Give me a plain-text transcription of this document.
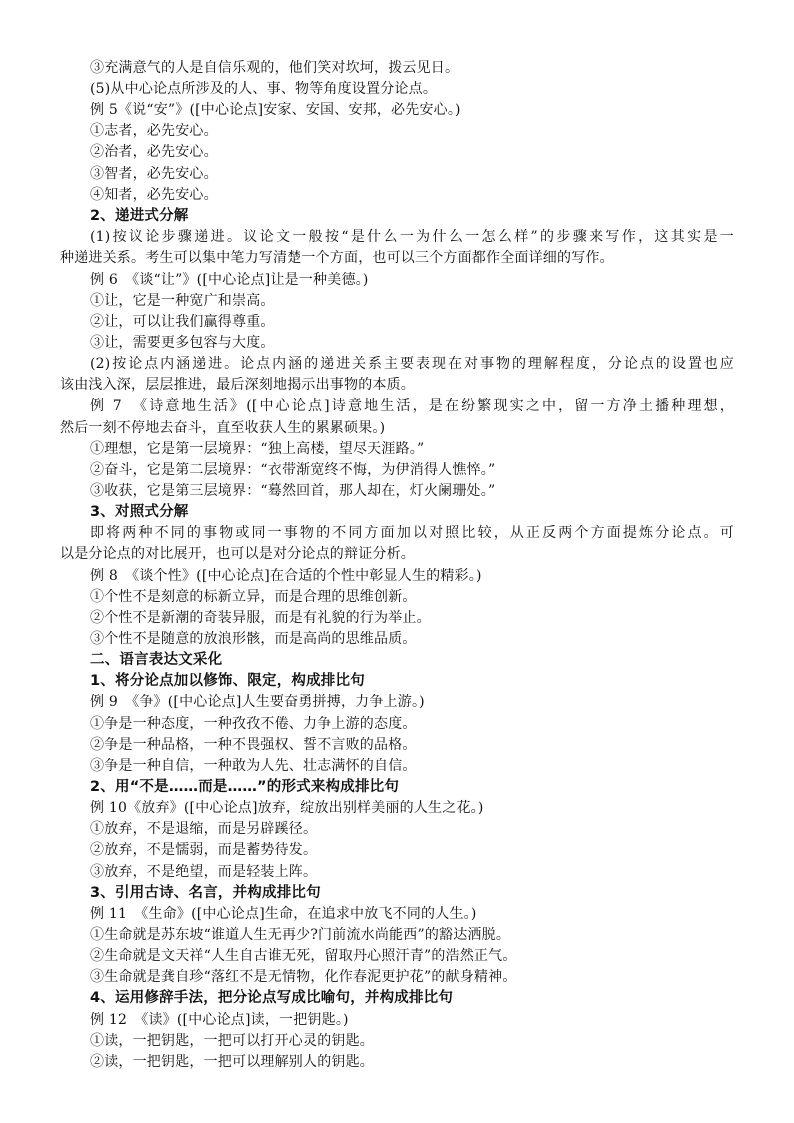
③充满意气的人是自信乐观的，他们笑对坎坷，拨云见日。
(5)从中心论点所涉及的人、事、物等角度设置分论点。
例 5《说“安”》([中心论点]安家、安国、安邦，必先安心。)
①志者，必先安心。
②治者，必先安心。
③智者，必先安心。
④知者，必先安心。
2、递进式分解
(1)按议论步骤递进。议论文一般按“是什么一为什么一怎么样”的步骤来写作，这其实是一
种递进关系。考生可以集中笔力写清楚一个方面，也可以三个方面都作全面详细的写作。
例 6　《谈“让”》([中心论点]让是一种美德。)
①让，它是一种宽广和崇高。
②让，可以让我们赢得尊重。
③让，需要更多包容与大度。
(2)按论点内涵递进。论点内涵的递进关系主要表现在对事物的理解程度，分论点的设置也应
该由浅入深，层层推进，最后深刻地揭示出事物的本质。
例 7　《诗意地生活》([中心论点]诗意地生活，是在纷繁现实之中，留一方净土播种理想，
然后一刻不停地去奋斗，直至收获人生的累累硕果。)
①理想，它是第一层境界：“独上高楼，望尽天涯路。”
②奋斗，它是第二层境界：“衣带渐宽终不悔，为伊消得人憔悴。”
③收获，它是第三层境界：“蓦然回首，那人却在，灯火阑珊处。”
3、对照式分解
即将两种不同的事物或同一事物的不同方面加以对照比较，从正反两个方面提炼分论点。可
以是分论点的对比展开，也可以是对分论点的辩证分析。
例 8　《谈个性》([中心论点]在合适的个性中彰显人生的精彩。)
①个性不是刻意的标新立异，而是合理的思维创新。
②个性不是新潮的奇装异服，而是有礼貌的行为举止。
③个性不是随意的放浪形骸，而是高尚的思维品质。
二、语言表达文采化
1、将分论点加以修饰、限定，构成排比句
例 9　《争》([中心论点]人生要奋勇拼搏，力争上游。)
①争是一种态度，一种孜孜不倦、力争上游的态度。
②争是一种品格，一种不畏强权、誓不言败的品格。
③争是一种自信，一种敢为人先、壮志满怀的自信。
2、用“不是……而是……”的形式来构成排比句
例 10《放弃》([中心论点]放弃，绽放出别样美丽的人生之花。)
①放弃，不是退缩，而是另辟蹊径。
②放弃，不是懦弱，而是蓄势待发。
③放弃，不是绝望，而是轻装上阵。
3、引用古诗、名言，并构成排比句
例 11　《生命》([中心论点]生命，在追求中放飞不同的人生。)
①生命就是苏东坡“谁道人生无再少?门前流水尚能西”的豁达洒脱。
②生命就是文天祥“人生自古谁无死，留取丹心照汗青”的浩然正气。
③生命就是龚自珍“落红不是无情物，化作春泥更护花”的献身精神。
4、运用修辞手法，把分论点写成比喻句，并构成排比句
例 12　《读》([中心论点]读，一把钥匙。)
①读，一把钥匙，一把可以打开心灵的钥匙。
②读，一把钥匙，一把可以理解别人的钥匙。
